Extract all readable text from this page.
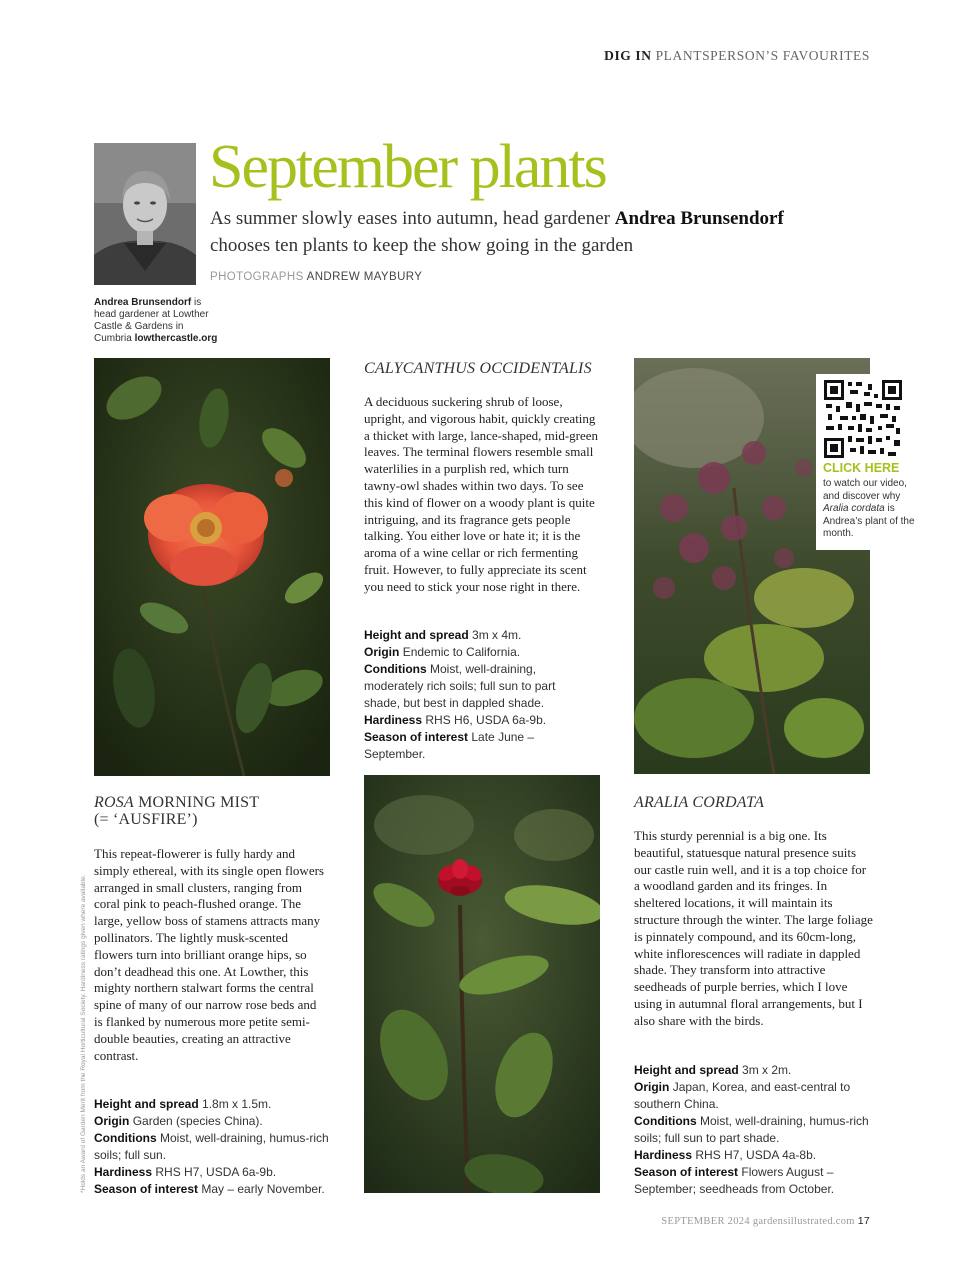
DIG IN PLANTSPERSON’S FAVOURITES
Andrea Brunsendorf is head gardener at Lowther Castle & Gardens in Cumbria lowthercastle.org
September plants
As summer slowly eases into autumn, head gardener Andrea Brunsendorf chooses ten plants to keep the show going in the garden
PHOTOGRAPHS ANDREW MAYBURY
CALYCANTHUS OCCIDENTALIS
A deciduous suckering shrub of loose, upright, and vigorous habit, quickly creating a thicket with large, lance-shaped, mid-green leaves. The terminal flowers resemble small waterlilies in a purplish red, which turn tawny-owl shades within two days. To see this kind of flower on a woody plant is quite intriguing, and its fragrance gets people talking. You either love or hate it; it is the aroma of a wine cellar or rich fermenting fruit. However, to fully appreciate its scent you need to stick your nose right in there.
Height and spread 3m x 4m.
Origin Endemic to California.
Conditions Moist, well-draining, moderately rich soils; full sun to part shade, but best in dappled shade.
Hardiness RHS H6, USDA 6a-9b.
Season of interest Late June – September.
CLICK HERE
to watch our video, and discover why Aralia cordata is Andrea’s plant of the month.
ROSA MORNING MIST
(= ‘AUSFIRE’)
This repeat-flowerer is fully hardy and simply ethereal, with its single open flowers arranged in small clusters, ranging from coral pink to peach-flushed orange. The large, yellow boss of stamens attracts many pollinators. The lightly musk-scented flowers turn into brilliant orange hips, so don’t deadhead this one. At Lowther, this mighty northern stalwart forms the central spine of many of our narrow rose beds and is flanked by numerous more petite semi-double beauties, creating an attractive contrast.
Height and spread 1.8m x 1.5m.
Origin Garden (species China).
Conditions Moist, well-draining, humus-rich soils; full sun.
Hardiness RHS H7, USDA 6a-9b.
Season of interest May – early November.
ARALIA CORDATA
This sturdy perennial is a big one. Its beautiful, statuesque natural presence suits our castle ruin well, and it is a top choice for a woodland garden and its fringes. In sheltered locations, it will maintain its structure through the winter. The large foliage is pinnately compound, and its 60cm-long, white inflorescences will radiate in dappled shade. They transform into attractive seedheads of purple berries, which I love using in autumnal floral arrangements, but I also share with the birds.
Height and spread 3m x 2m.
Origin Japan, Korea, and east-central to southern China.
Conditions Moist, well-draining, humus-rich soils; full sun to part shade.
Hardiness RHS H7, USDA 4a-8b.
Season of interest Flowers August – September; seedheads from October.
*Holds an Award of Garden Merit from the Royal Horticultural Society. Hardiness ratings given where available.
SEPTEMBER 2024 gardensillustrated.com 17
